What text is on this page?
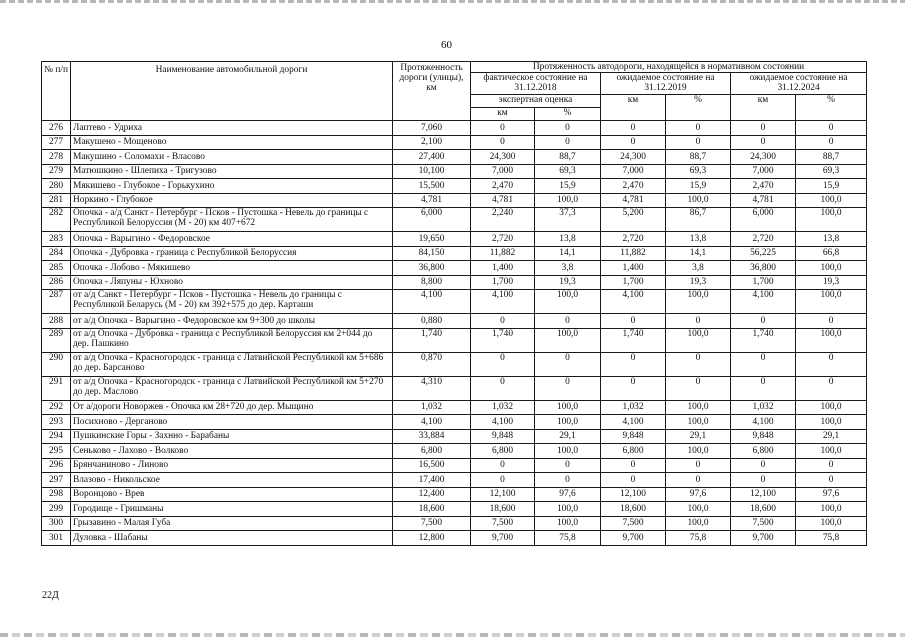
60
№ п/п	Наименование автомобильной дороги	Протяженность дороги (улицы), км	Протяженность автодороги, находящейся в нормативном состоянии					
			фактическое состояние на 31.12.2018		ожидаемое состояние на 31.12.2019		ожидаемое состояние на 31.12.2024	
			экспертная оценка		км	%	км	%
			км	%				
276	Лаптево - Удриха	7,060	0	0	0	0	0	0
277	Макушено - Мощеново	2,100	0	0	0	0	0	0
278	Макушино - Соломахи - Власово	27,400	24,300	88,7	24,300	88,7	24,300	88,7
279	Матюшкино - Шлепиха - Тригузово	10,100	7,000	69,3	7,000	69,3	7,000	69,3
280	Мякишево - Глубокое - Горькухино	15,500	2,470	15,9	2,470	15,9	2,470	15,9
281	Норкино - Глубокое	4,781	4,781	100,0	4,781	100,0	4,781	100,0
282	Опочка - а/д Санкт - Петербург - Псков - Пустошка - Невель до границы с Республикой Белоруссия (М - 20) км 407+672	6,000	2,240	37,3	5,200	86,7	6,000	100,0
283	Опочка - Варыгино - Федоровское	19,650	2,720	13,8	2,720	13,8	2,720	13,8
284	Опочка - Дубровка - граница с Республикой Белоруссия	84,150	11,882	14,1	11,882	14,1	56,225	66,8
285	Опочка - Лобово - Мякишево	36,800	1,400	3,8	1,400	3,8	36,800	100,0
286	Опочка - Ляпуны - Юхново	8,800	1,700	19,3	1,700	19,3	1,700	19,3
287	от а/д Санкт - Петербург - Псков - Пустошка - Невель до границы с Республикой Беларусь (М - 20) км 392+575 до дер. Карташи	4,100	4,100	100,0	4,100	100,0	4,100	100,0
288	от а/д Опочка - Варыгино - Федоровское км 9+300 до школы	0,880	0	0	0	0	0	0
289	от а/д Опочка - Дубровка - граница с Республикой Белоруссия км 2+044 до дер. Пашкино	1,740	1,740	100,0	1,740	100,0	1,740	100,0
290	от а/д Опочка - Красногородск - граница с Латвийской Республикой км 5+686 до дер. Барсаново	0,870	0	0	0	0	0	0
291	от а/д Опочка - Красногородск - граница с Латвийской Республикой км 5+270 до дер. Маслово	4,310	0	0	0	0	0	0
292	От а/дороги Новоржев - Опочка км 28+720 до дер. Мыщино	1,032	1,032	100,0	1,032	100,0	1,032	100,0
293	Посихново - Дерганово	4,100	4,100	100,0	4,100	100,0	4,100	100,0
294	Пушкинские Горы - Захнно - Барабаны	33,884	9,848	29,1	9,848	29,1	9,848	29,1
295	Сеньково - Лахово - Волково	6,800	6,800	100,0	6,800	100,0	6,800	100,0
296	Брянчаниново - Линово	16,500	0	0	0	0	0	0
297	Влазово - Никольское	17,400	0	0	0	0	0	0
298	Воронцово - Врев	12,400	12,100	97,6	12,100	97,6	12,100	97,6
299	Городище - Гришманы	18,600	18,600	100,0	18,600	100,0	18,600	100,0
300	Грызавино - Малая Губа	7,500	7,500	100,0	7,500	100,0	7,500	100,0
301	Дуловка - Шабаны	12,800	9,700	75,8	9,700	75,8	9,700	75,8
22Д
